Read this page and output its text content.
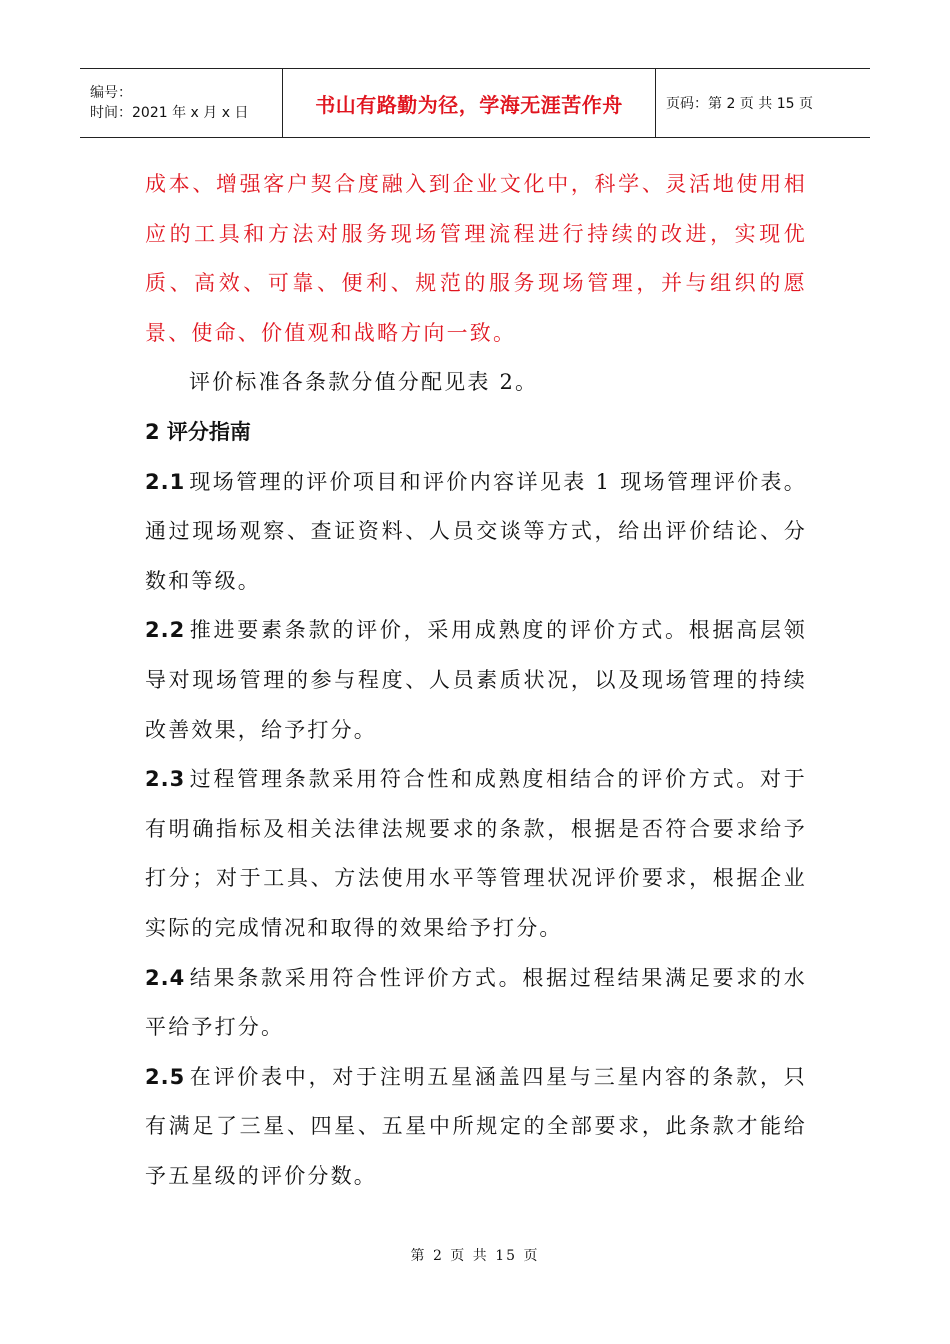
编号：
时间：2021 年 x 月 x 日	书山有路勤为径，学海无涯苦作舟	页码：第 2 页 共 15 页

成本、增强客户契合度融入到企业文化中，科学、灵活地使用相应的工具和方法对服务现场管理流程进行持续的改进，实现优质、高效、可靠、便利、规范的服务现场管理，并与组织的愿景、使命、价值观和战略方向一致。

评价标准各条款分值分配见表 2。

2 评分指南

2.1 现场管理的评价项目和评价内容详见表 1 现场管理评价表。通过现场观察、查证资料、人员交谈等方式，给出评价结论、分数和等级。

2.2 推进要素条款的评价，采用成熟度的评价方式。根据高层领导对现场管理的参与程度、人员素质状况，以及现场管理的持续改善效果，给予打分。

2.3 过程管理条款采用符合性和成熟度相结合的评价方式。对于有明确指标及相关法律法规要求的条款，根据是否符合要求给予打分；对于工具、方法使用水平等管理状况评价要求，根据企业实际的完成情况和取得的效果给予打分。

2.4 结果条款采用符合性评价方式。根据过程结果满足要求的水平给予打分。

2.5 在评价表中，对于注明五星涵盖四星与三星内容的条款，只有满足了三星、四星、五星中所规定的全部要求，此条款才能给予五星级的评价分数。

第 2 页 共 15 页
